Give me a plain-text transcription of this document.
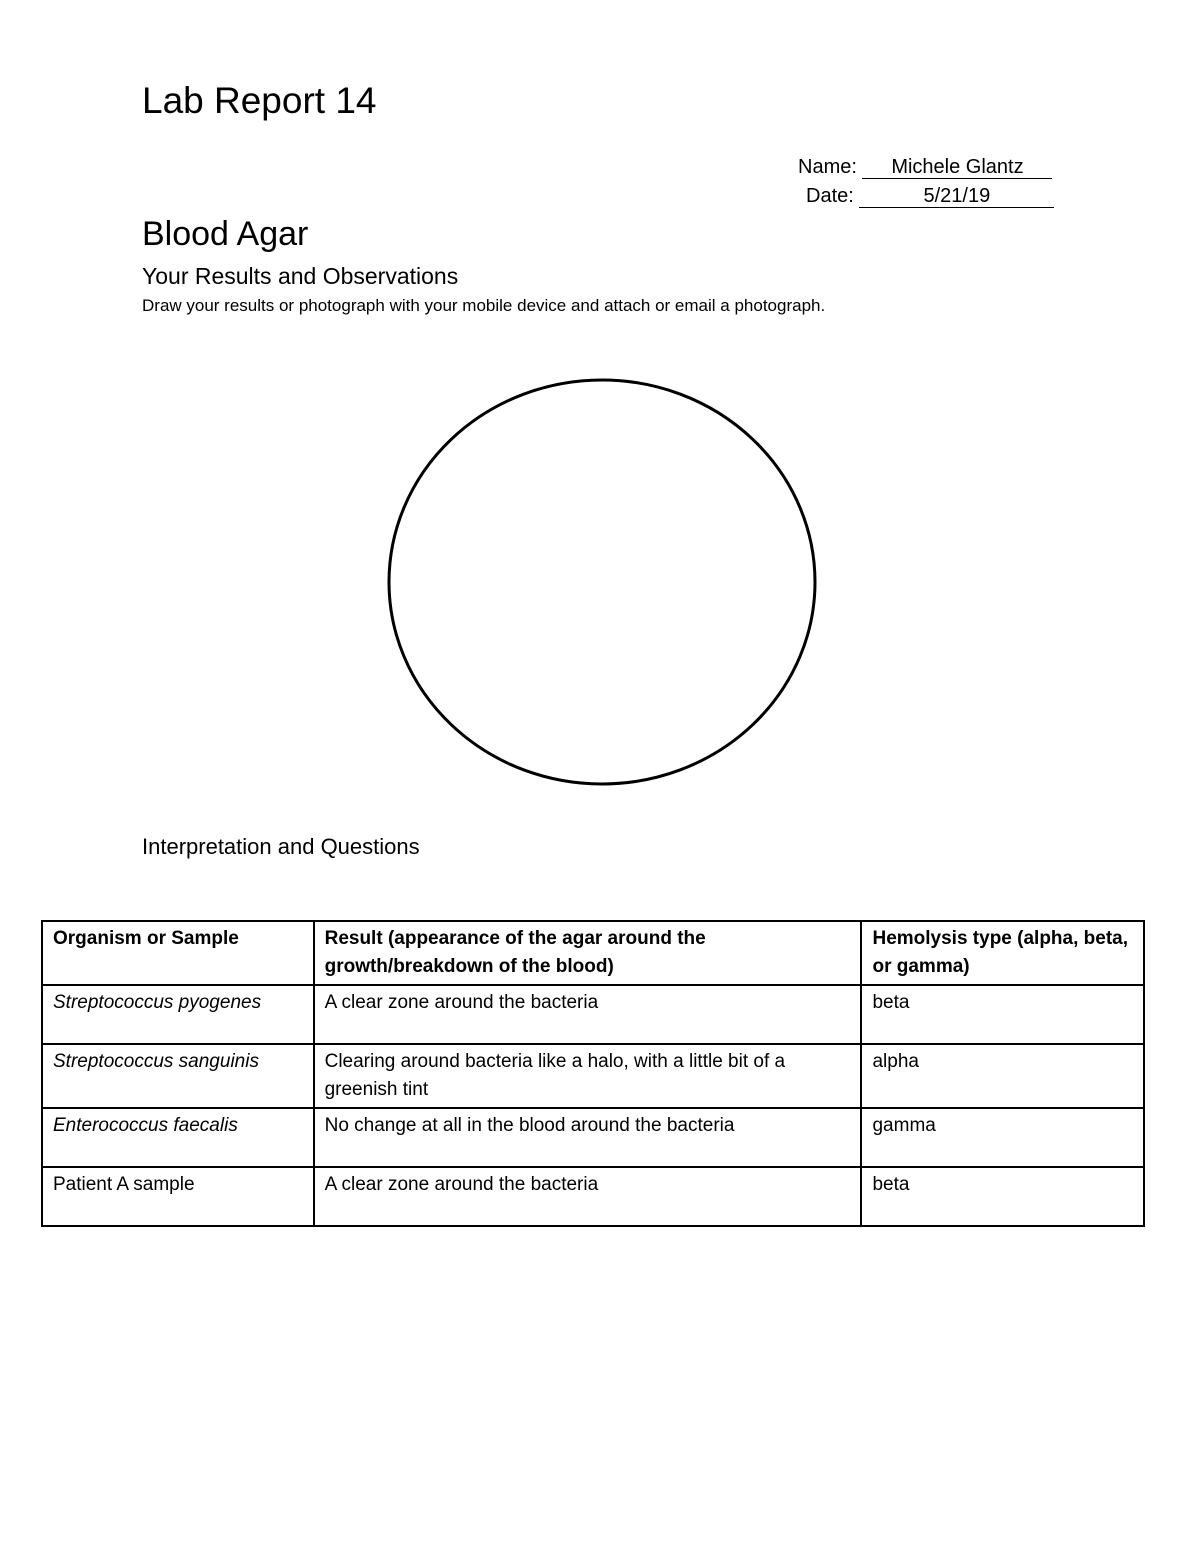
Lab Report 14
Name: Michele Glantz
Date:	5/21/19
Blood Agar
Your Results and Observations

Draw your results or photograph with your mobile device and attach or email a photograph.

Interpretation and Questions
Organism or Sample	Result (appearance of the agar around the growth/breakdown of the blood)	Hemolysis type (alpha, beta, or gamma)
Streptococcus pyogenes	A clear zone around the bacteria	beta
Streptococcus sanguinis	Clearing around bacteria like a halo, with a little bit of a greenish tint	alpha
Enterococcus faecalis	No change at all in the blood around the bacteria	gamma
Patient A sample	A clear zone around the bacteria	beta
